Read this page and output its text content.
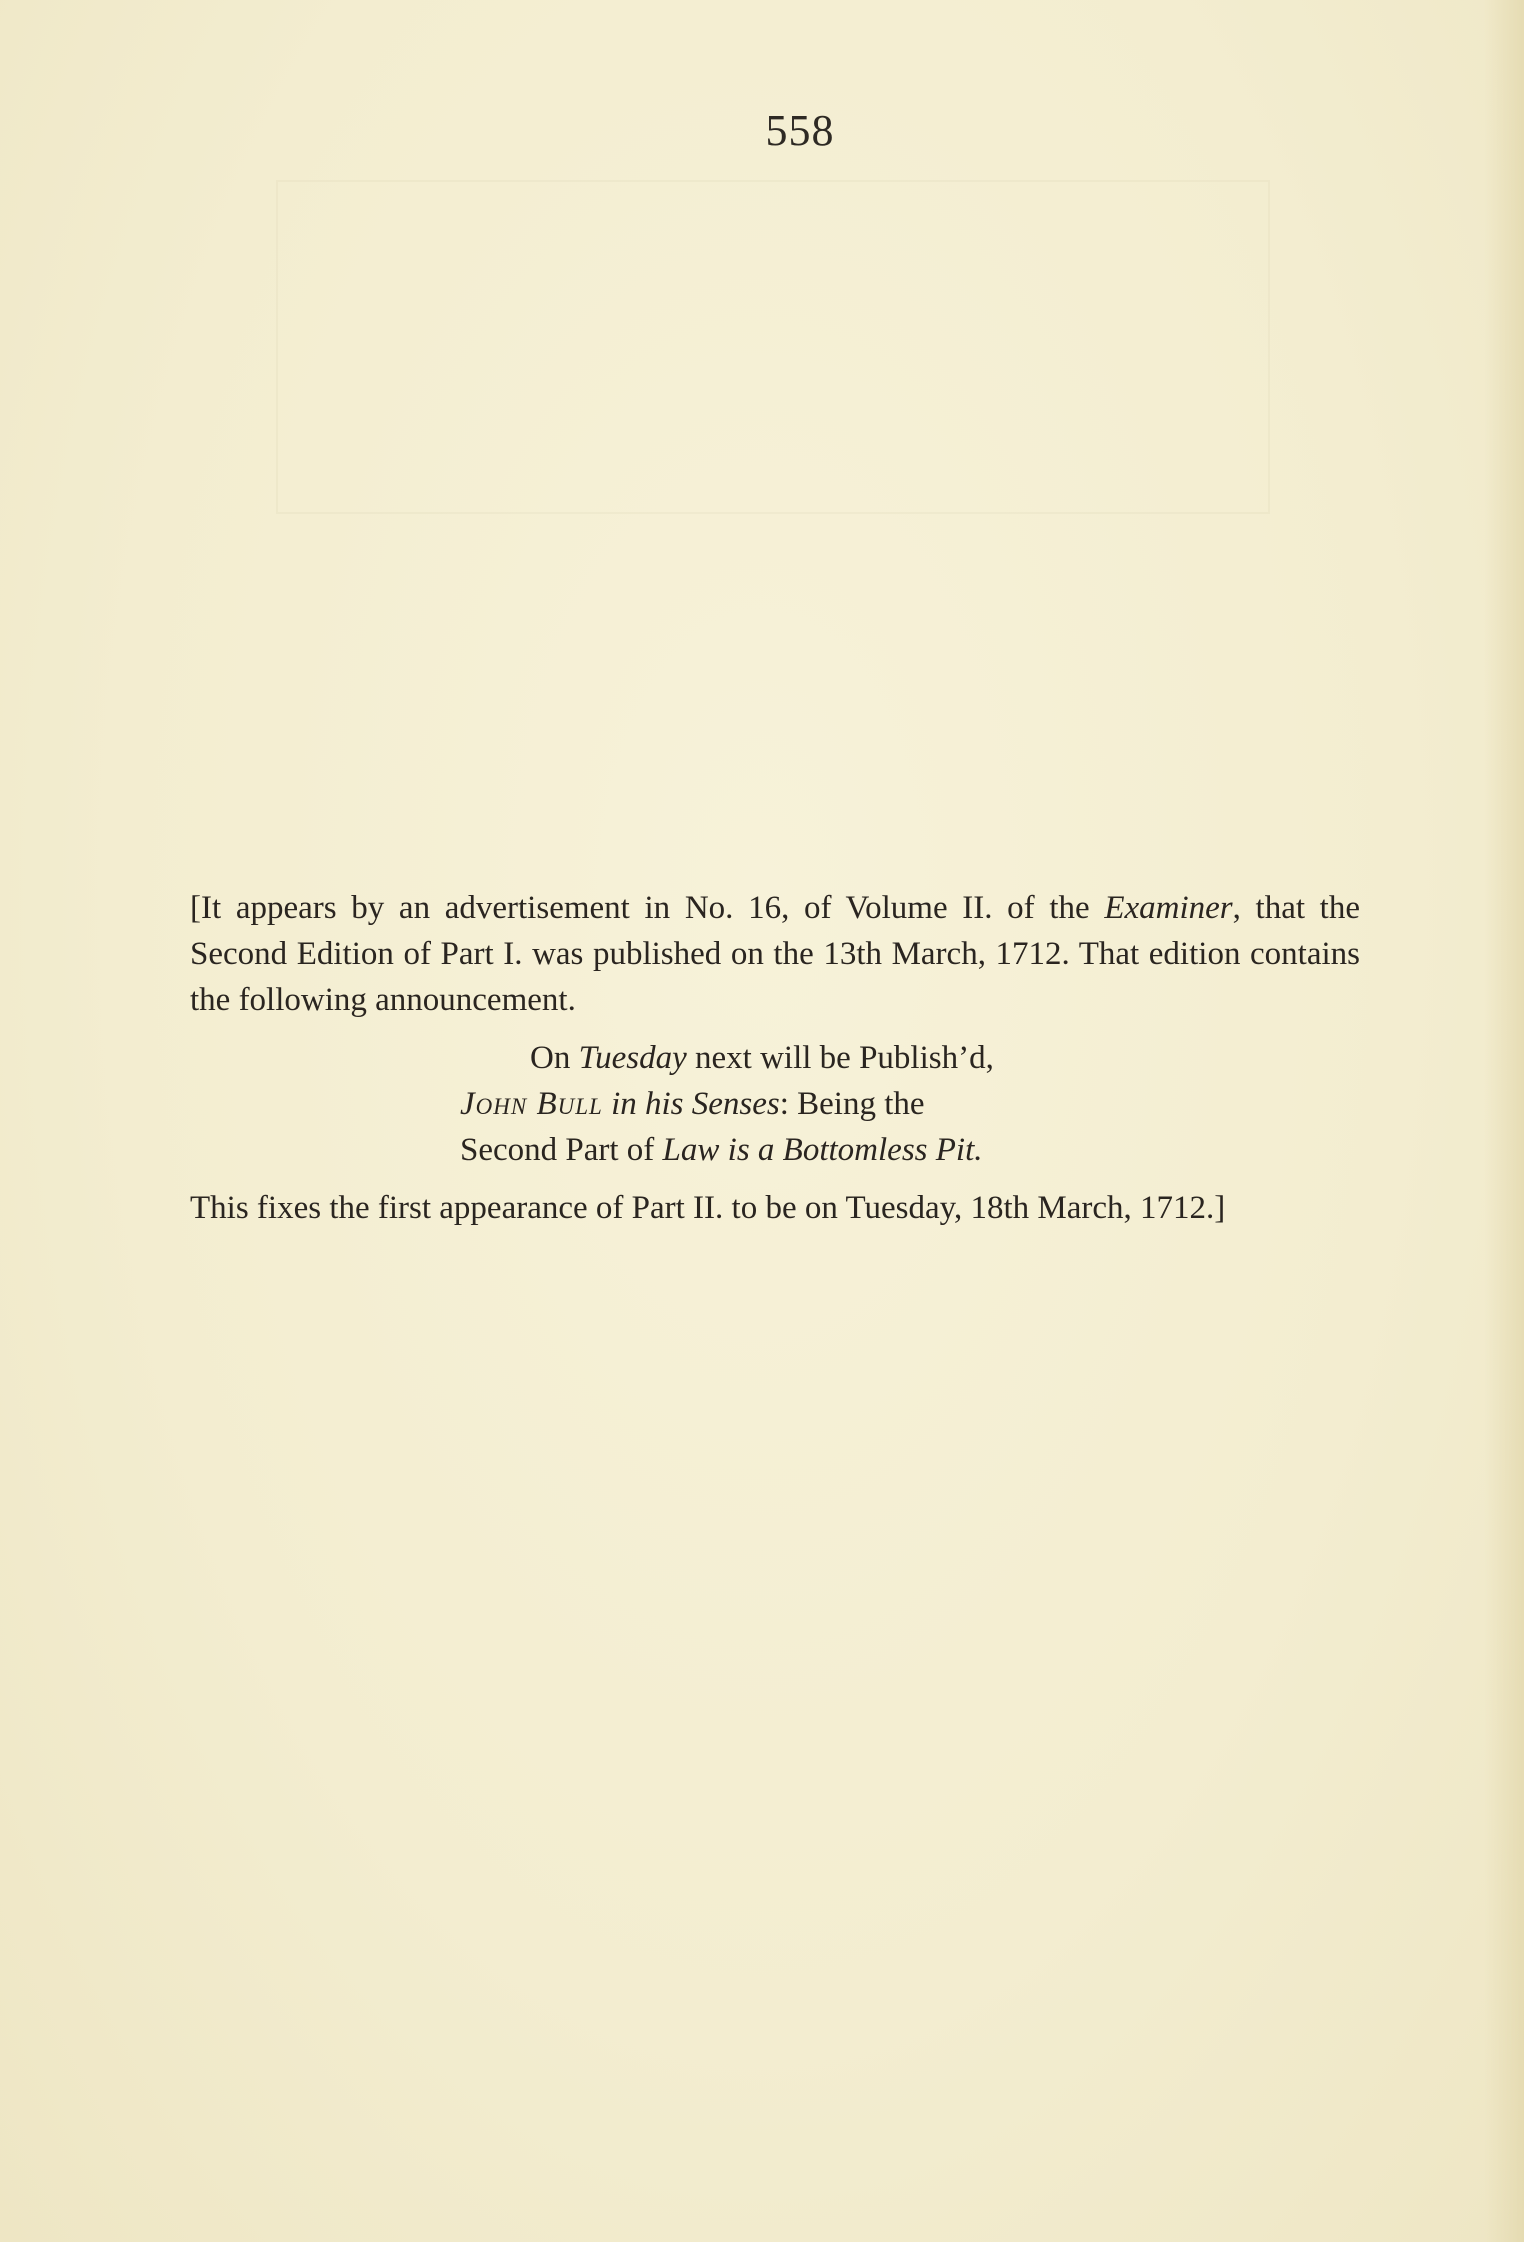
558

[It appears by an advertisement in No. 16, of Volume II. of the Examiner, that the Second Edition of Part I. was published on the 13th March, 1712. That edition contains the following announcement.

On Tuesday next will be Publish’d,
John Bull in his Senses: Being the
Second Part of Law is a Bottomless Pit.

This fixes the first appearance of Part II. to be on Tuesday, 18th March, 1712.]
